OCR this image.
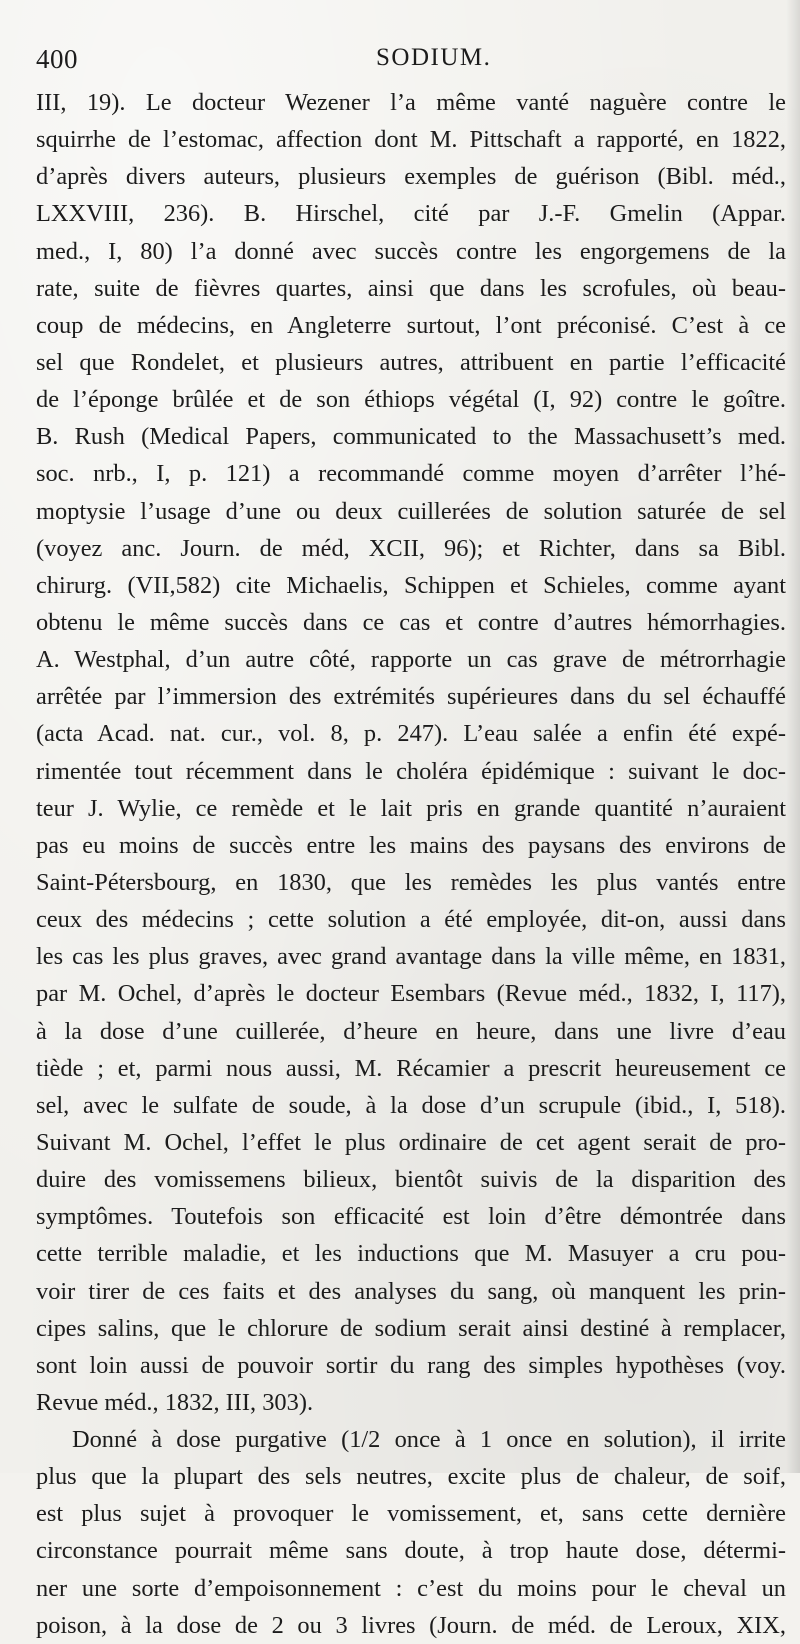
400	SODIUM.
III, 19). Le docteur Wezener l’a même vanté naguère contre le
squirrhe de l’estomac, affection dont M. Pittschaft a rapporté, en 1822,
d’après divers auteurs, plusieurs exemples de guérison (Bibl. méd.,
LXXVIII, 236). B. Hirschel, cité par J.-F. Gmelin (Appar.
med., I, 80) l’a donné avec succès contre les engorgemens de la
rate, suite de fièvres quartes, ainsi que dans les scrofules, où beau-
coup de médecins, en Angleterre surtout, l’ont préconisé. C’est à ce
sel que Rondelet, et plusieurs autres, attribuent en partie l’efficacité
de l’éponge brûlée et de son éthiops végétal (I, 92) contre le goître.
B. Rush (Medical Papers, communicated to the Massachusett’s med.
soc. nrb., I, p. 121) a recommandé comme moyen d’arrêter l’hé-
moptysie l’usage d’une ou deux cuillerées de solution saturée de sel
(voyez anc. Journ. de méd, XCII, 96); et Richter, dans sa Bibl.
chirurg. (VII,582) cite Michaelis, Schippen et Schieles, comme ayant
obtenu le même succès dans ce cas et contre d’autres hémorrhagies.
A. Westphal, d’un autre côté, rapporte un cas grave de métrorrhagie
arrêtée par l’immersion des extrémités supérieures dans du sel échauffé
(acta Acad. nat. cur., vol. 8, p. 247). L’eau salée a enfin été expé-
rimentée tout récemment dans le choléra épidémique : suivant le doc-
teur J. Wylie, ce remède et le lait pris en grande quantité n’auraient
pas eu moins de succès entre les mains des paysans des environs de
Saint-Pétersbourg, en 1830, que les remèdes les plus vantés entre
ceux des médecins ; cette solution a été employée, dit-on, aussi dans
les cas les plus graves, avec grand avantage dans la ville même, en 1831,
par M. Ochel, d’après le docteur Esembars (Revue méd., 1832, I, 117),
à la dose d’une cuillerée, d’heure en heure, dans une livre d’eau
tiède ; et, parmi nous aussi, M. Récamier a prescrit heureusement ce
sel, avec le sulfate de soude, à la dose d’un scrupule (ibid., I, 518).
Suivant M. Ochel, l’effet le plus ordinaire de cet agent serait de pro-
duire des vomissemens bilieux, bientôt suivis de la disparition des
symptômes. Toutefois son efficacité est loin d’être démontrée dans
cette terrible maladie, et les inductions que M. Masuyer a cru pou-
voir tirer de ces faits et des analyses du sang, où manquent les prin-
cipes salins, que le chlorure de sodium serait ainsi destiné à remplacer,
sont loin aussi de pouvoir sortir du rang des simples hypothèses (voy.
Revue méd., 1832, III, 303).
Donné à dose purgative (1/2 once à 1 once en solution), il irrite
plus que la plupart des sels neutres, excite plus de chaleur, de soif,
est plus sujet à provoquer le vomissement, et, sans cette dernière
circonstance pourrait même sans doute, à trop haute dose, détermi-
ner une sorte d’empoisonnement : c’est du moins pour le cheval un
poison, à la dose de 2 ou 3 livres (Journ. de méd. de Leroux, XIX,
